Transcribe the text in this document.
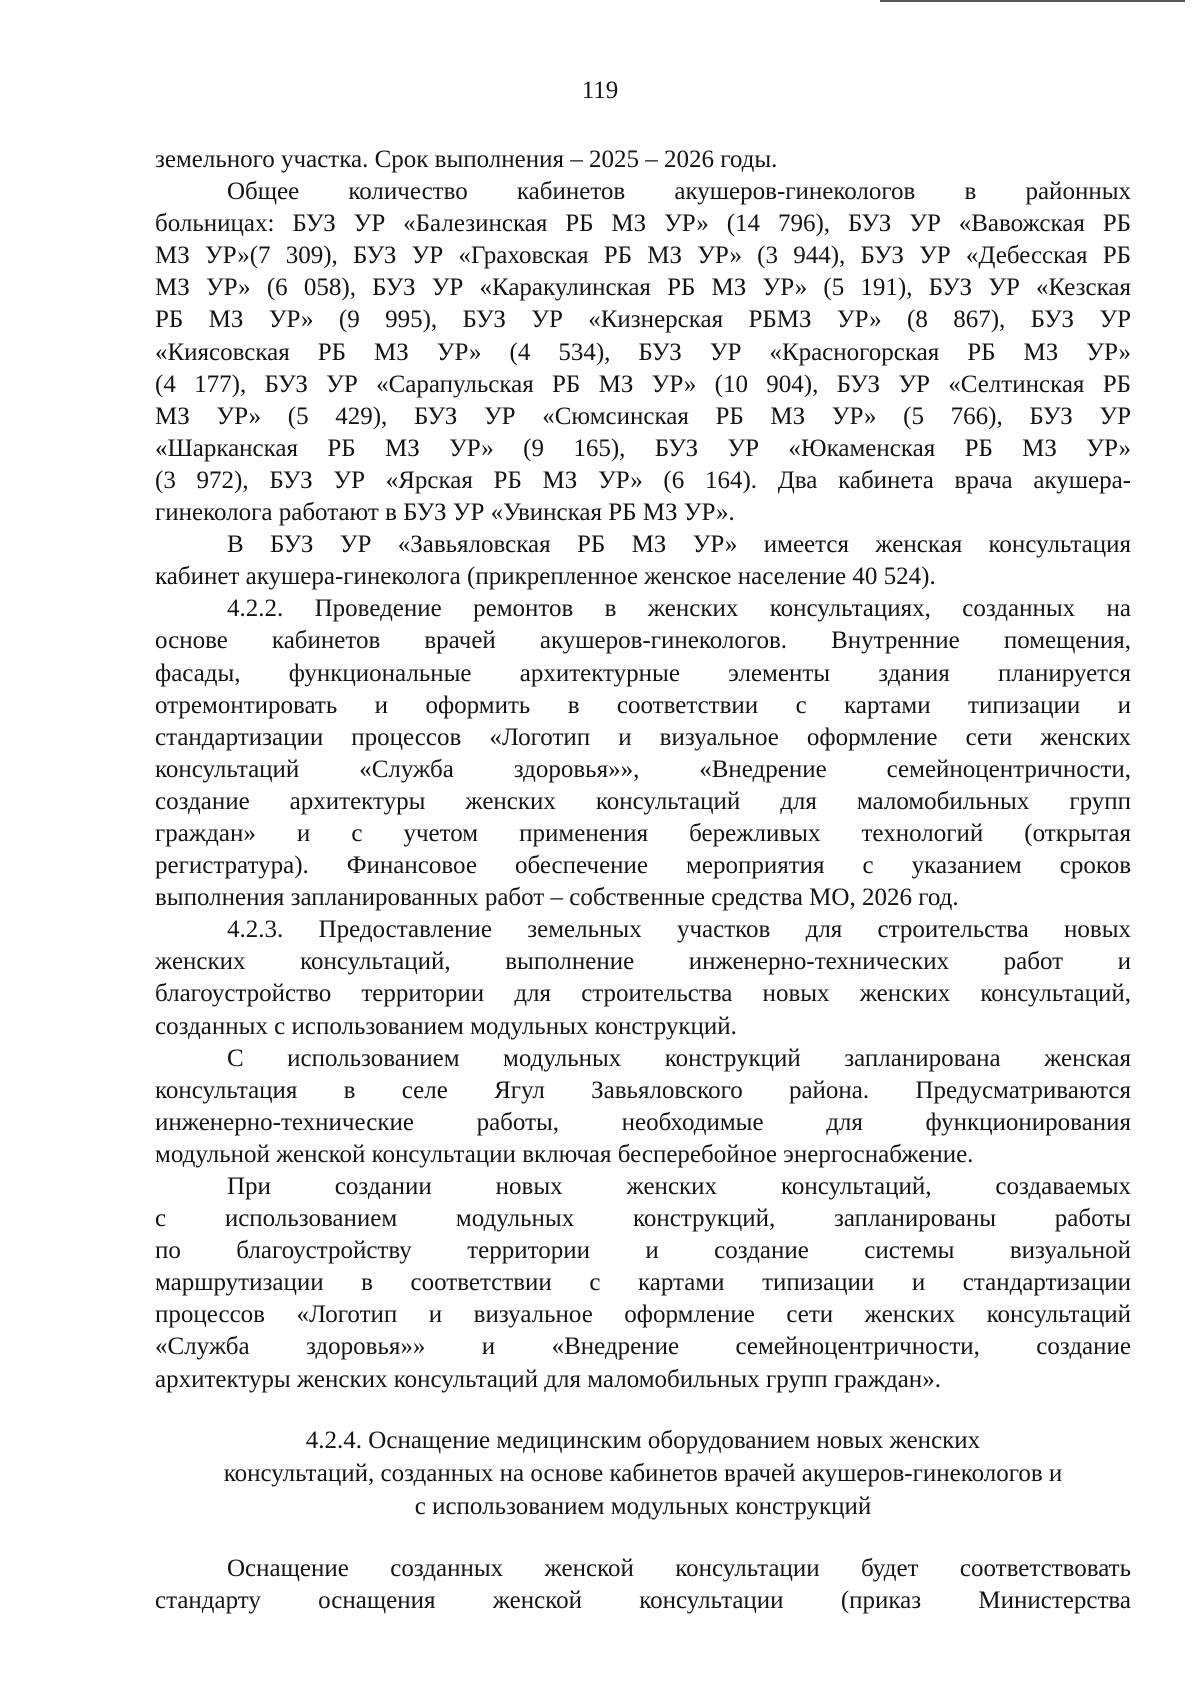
119
земельного участка. Срок выполнения – 2025 – 2026 годы.
Общее количество кабинетов акушеров-гинекологов в районных
больницах: БУЗ УР «Балезинская РБ МЗ УР» (14 796), БУЗ УР «Вавожская РБ
МЗ УР»(7 309), БУЗ УР «Граховская РБ МЗ УР» (3 944), БУЗ УР «Дебесская РБ
МЗ УР» (6 058), БУЗ УР «Каракулинская РБ МЗ УР» (5 191), БУЗ УР «Кезская
РБ МЗ УР» (9 995), БУЗ УР «Кизнерская РБМЗ УР» (8 867), БУЗ УР
«Киясовская РБ МЗ УР» (4 534), БУЗ УР «Красногорская РБ МЗ УР»
(4 177), БУЗ УР «Сарапульская РБ МЗ УР» (10 904), БУЗ УР «Селтинская РБ
МЗ УР» (5 429), БУЗ УР «Сюмсинская РБ МЗ УР» (5 766), БУЗ УР
«Шарканская РБ МЗ УР» (9 165), БУЗ УР «Юкаменская РБ МЗ УР»
(3 972), БУЗ УР «Ярская РБ МЗ УР» (6 164). Два кабинета врача акушера-
гинеколога работают в БУЗ УР «Увинская РБ МЗ УР».
В БУЗ УР «Завьяловская РБ МЗ УР» имеется женская консультация
кабинет акушера-гинеколога (прикрепленное женское население 40 524).
4.2.2. Проведение ремонтов в женских консультациях, созданных на
основе кабинетов врачей акушеров-гинекологов. Внутренние помещения,
фасады, функциональные архитектурные элементы здания планируется
отремонтировать и оформить в соответствии с картами типизации и
стандартизации процессов «Логотип и визуальное оформление сети женских
консультаций «Служба здоровья»», «Внедрение семейноцентричности,
создание архитектуры женских консультаций для маломобильных групп
граждан» и с учетом применения бережливых технологий (открытая
регистратура). Финансовое обеспечение мероприятия с указанием сроков
выполнения запланированных работ – собственные средства МО, 2026 год.
4.2.3. Предоставление земельных участков для строительства новых
женских консультаций, выполнение инженерно-технических работ и
благоустройство территории для строительства новых женских консультаций,
созданных с использованием модульных конструкций.
С использованием модульных конструкций запланирована женская
консультация в селе Ягул Завьяловского района. Предусматриваются
инженерно-технические работы, необходимые для функционирования
модульной женской консультации включая бесперебойное энергоснабжение.
При создании новых женских консультаций, создаваемых
с использованием модульных конструкций, запланированы работы
по благоустройству территории и создание системы визуальной
маршрутизации в соответствии с картами типизации и стандартизации
процессов «Логотип и визуальное оформление сети женских консультаций
«Служба здоровья»» и «Внедрение семейноцентричности, создание
архитектуры женских консультаций для маломобильных групп граждан».
4.2.4. Оснащение медицинским оборудованием новых женских
консультаций, созданных на основе кабинетов врачей акушеров-гинекологов и
с использованием модульных конструкций
Оснащение созданных женской консультации будет соответствовать
стандарту оснащения женской консультации (приказ Министерства
